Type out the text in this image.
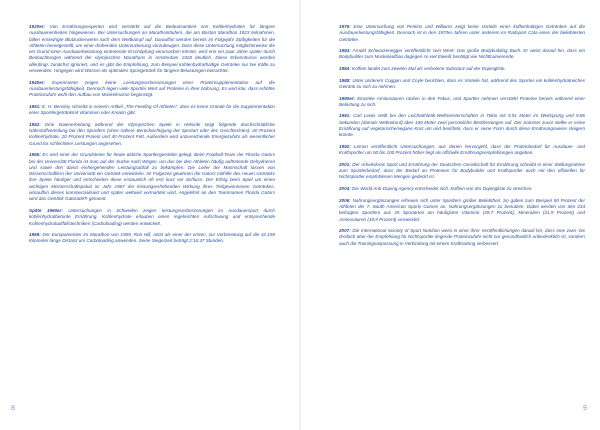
1920er: Von Ernährungsexperten wird verstärkt auf die Bedeutsamkeit von Kohlenhydraten für längere Ausdauereinheiten hingewiesen. Bei Untersuchungen an Marathonläufern, die am Boston Marathon 1923 teilnahmen, fallen erniedrigte Blutzuckerwerte nach dem Wettkampf auf. Daraufhin werden bereits im Folgejahr Süßigkeiten für die Athleten bereitgestellt, um einer drohenden Unterzuckerung vorzubeugen. Dass diese Untersuchung möglicherweise die ein Grund einer Ausdauerbelastung eintretende Erschöpfung verursachen könnte, wird erst ein paar Jahre später durch Beobachtungen während der olympischen Marathons in Amsterdam 1928 deutlich. Diese Erkenntnisse werden allerdings zunächst ignoriert, und es gibt die Empfehlung, zum Beispiel kohlenhydrathaltige Getränke nur bei Kälte zu verwenden. Hingegen wird Wasser als optimales Sportgetränk für längere Belastungen betrachtet.

1940er: Experimente zeigen keine Leistungsverbesserungen einer Proteinsupplementation auf die Ausdauerleistungsfähigkeit. Dennoch legen viele Sportler Wert auf Proteine in ihrer Nahrung. Es wird klar, dass erhöhte Proteinzufuhr wohl den Aufbau von Muskelmasse begünstigt.

1951: E. H. Bensley schreibt in seinem Artikel „The Feeding Of Athletes“, dass es keine Gründe für die Supplementation einer Sportlergetränkmit Vitaminen oder Kreatin gibt.

1952: Eine Datenerhebung während der Olympischen Spiele in Helsinki zeigt folgende durchschnittliche Nährstoffverteilung bei den Sportlern (ohne nähere Berücksichtigung der Sportart oder des Geschlechtes): 40 Prozent Kohlenhydrate, 20 Prozent Protein und 40 Prozent Fett. Außerdem wird unzureichende Energiezufuhr als wesentlicher Grund für schlechtere Leistungen angesehen.

1965: Es wird einer der Grundsteine für heute übliche Sportlergetränke gelegt. Beim Football-Team der Florida Gators bei der Universität Florida ist man auf der Suche nach Wegen, um das bei den Athleten häufig auftretende Dehydrieren und sowie den damit einhergehenden Leistungsabfall zu bekämpfen. Die Leiter der Mannschaft lassen von Wissenschaftlern der Universität ein Getränk entwickeln. Im Folgezeit gewinnen die Gators mithilfe des neuen Getränks ihre Spiele häufiger und entscheiden diese erstaunlich oft erst kurz vor Schluss. Der Erfolg beim Spiel um einen wichtigen Meisterschaftspokal im Jahr 1967 der leistungserhöhenden Wirkung ihres Tiefgewonnenen Getränkes, woraufhin dieses kommerzialisiert und später weltweit vermarktet wird. Angelehnt an den Teamnamen Florida Gators wird das Getränk Gatorade® genannt.

Späte 1960er: Untersuchungen in Schweden zeigen leistungsverbesserungen im Ausdauersport durch kohlenhydratbetonte Ernährung. Kohlenhydrate erlauben einen regelrechten Aufschwung und entsprechende Kohlenhydratauffüllstechniken (Carboloading) werden entwickelt.

1969: Der Europameister im Marathon von 1969, Ron Hill, setzt als einer der ersten, zur Vorbereitung auf die 42.195 Kilometer lange Distanz um Carboloading anwenden. Seine Siegerzeit beträgt 2:16:47 Stunden.

8

1975: Eine Untersuchung von Perkins und Williams zeigt keine Vorteile eines koffeinhaltigen Getränkes auf die Ausdauerleistungsfähigkeit. Dennoch ist in den 1970er-Jahren unter anderem im Radsport Cola eines der beliebtesten Getränke.

1984: Arnold Schwarzenegger veröffentlicht sein Werk: Das große Bodybuilding Buch. Er weist darauf hin, dass ein Bodybuilder zum Muskelaufbau dagegen so viel Eiweiß benötigt wie Nichttrainierende.

1984: Koffein landet zum zweiten Mal als verbotene Substanz auf der Dopingliste.

1988: Unter anderem Coggan und Coyle berichten, dass es Vorteile hat, während des Sportes ein kohlenhydratreiches Getränk zu sich zu nehmen.

1990er: Einzelne Aminosäuren rücken in den Fokus, und Sportler nehmen verstärkt Proteine bereits während einer Belastung zu sich.

1991: Carl Lewis stellt bei den Leichtathletik-Weltmeisterschaften in Tokio mit 9,91 Meter im Weitsprung und 9,86 Sekunden (damals Weltrekord) über 100 Meter zwei persönliche Bestleistungen auf. Der Sommer zuvor stellte er seine Ernährung auf vegetarische/vegane Kost um und berichtet, dass er seine Form durch diese Ernährungsweise steigern konnte.

1992: Lemon veröffentlicht Untersuchungen, aus denen hervorgeht, dass der Proteinbedarf für Ausdauer- und Kraftsportler um 50 bis 100 Prozent höher liegt als offizielle Ernährungsempfehlungen angeben.

2001: Der Arbeitskreis Sport und Ernährung der Deutschen Gesellschaft für Ernährung schreibt in einer Stellungnahme zum Sportlerbedarf, dass der Bedarf an Proteinen für Bodybuilder und Kraftsportler auch mit den offiziellen für Nichtsportler empfohlenen Mengen gedeckt ist.

2004: Die World Anti-Doping Agency entscheidet sich, Koffein von der Dopingliste zu streichen.

2006: Nahrungsergänzungen erfreuen sich unter Sportlern großer Beliebtheit. So gaben zum Beispiel 50 Prozent der Athleten der 7. South American Sports Games an, Nahrungsergänzungen zu benutzen. Dabei werden von den 234 befragten Sportlern aus 25 Sportarten am häufigsten Vitamine (39,7 Prozent), Mineralien (21,9 Prozent) und Aminosäuren (18,9 Prozent) verwendet.

2007: Die International Society of Sport Nutrition weist in einer ihrer Veröffentlichungen darauf hin, dass eine zwei- bis dreifach über der Empfehlung für Nichtsportler liegende Proteinzufuhr nicht nur gesundheitlich unbedenklich ist, sondern auch die Trainingsanpassung in Verbindung mit einem Krafttraining verbessert.

9
